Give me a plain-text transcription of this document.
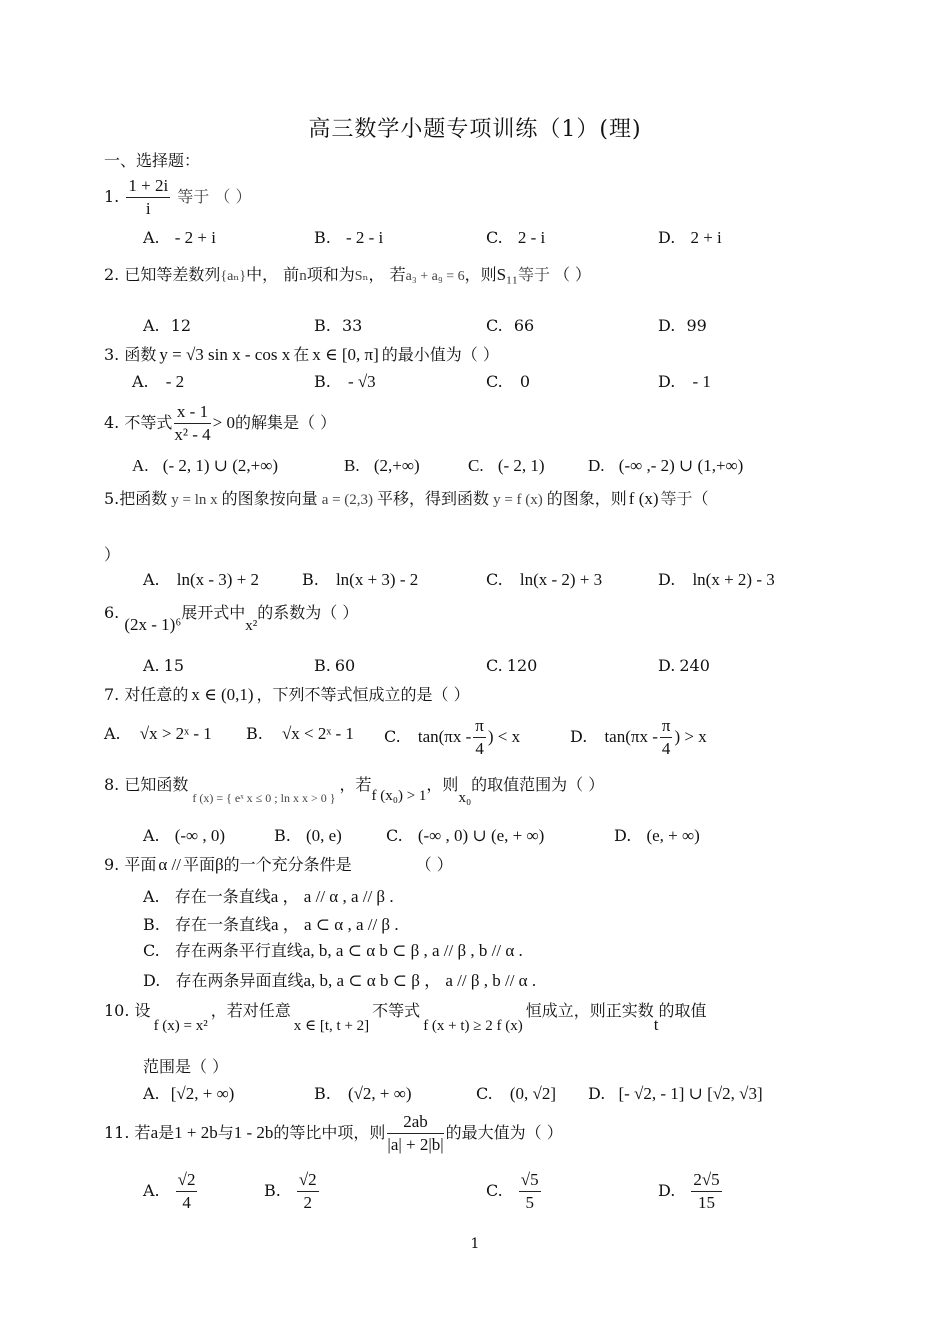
高三数学小题专项训练（1）(理)
一、选择题：
1. $\frac{1 + 2i}{i}$ 等于 （ ）
A. - 2 + i	B. - 2 - i	C. 2 - i	D. 2 + i
2. 已知等差数列{aₙ}中， 前n项和为Sₙ， 若a₃ + a₉ = 6，则S₁₁等于 （ ）
A. 12	B. 33	C. 66	D. 99
3. 函数 y = √3 sin x - cos x 在 x ∈ [0, π] 的最小值为（ ）
A. - 2	B. - √3	C. 0	D. - 1
4. 不等式 $\frac{x - 1}{\text{x² - 4}} > 0$的解集是（ ）
A. (- 2, 1) ∪ (2,+∞)	B. (2,+∞)	C. (- 2, 1)	D. (-∞ ,- 2) ∪ (1,+∞)
5.把函数 y = ln x 的图象按向量 a = (2,3) 平移，得到函数 y = f (x) 的图象，则 f (x) 等于（
）
A. ln(x - 3) + 2	B. ln(x + 3) - 2	C. ln(x - 2) + 3	D. ln(x + 2) - 3
6. (2x - 1)⁶展开式中x²的系数为（ ）
A. 15	B. 60	C. 120	D. 240
7. 对任意的 x ∈ (0,1) ，下列不等式恒成立的是（ ）
A. √x > 2ˣ - 1 B. √x < 2ˣ - 1 C. $\tan(\pi x - \frac{\pi}{4}$ ) < x	D. $\tan(\pi x - \frac{\pi}{4}$ ) > x
8. 已知函数$_{f (x) = \{ eˣ x \le 0 ; ln x x > 0 \}}$，若f (x₀) > 1，则x₀的取值范围为（ ）
A. (-∞ , 0)	B. (0, e)	C. (-∞ , 0) ∪ (e, + ∞)	D. (e, + ∞)
9. 平面 α // 平面β的一个充分条件是	（ ）
A. 存在一条直线a ， a // α , a // β .
B. 存在一条直线a ， a ⊂ α , a // β .
C. 存在两条平行直线a, b, a ⊂ α b ⊂ β , a // β , b // α .
D. 存在两条异面直线a, b, a ⊂ α b ⊂ β ， a // β , b // α .
10. 设f (x) = x²，若对任意x ∈ [t, t + 2]不等式f (x + t) ≥ 2 f (x)恒成立，则正实数t的取值
范围是（ ）
A. [√2, + ∞)	B. (√2, + ∞)	C. (0, √2] D. [- √2, - 1] ∪ [√2, √3]
11. 若a是1 + 2b与1 - 2b的等比中项，则 $\frac{2ab}{|a| + 2|b|}$ 的最大值为（ ）
A. $\frac{√2}{4}$	B. $\frac{√2}{2}$	C. $\frac{√5}{5}$	D. $\frac{2√5}{15}$
1
